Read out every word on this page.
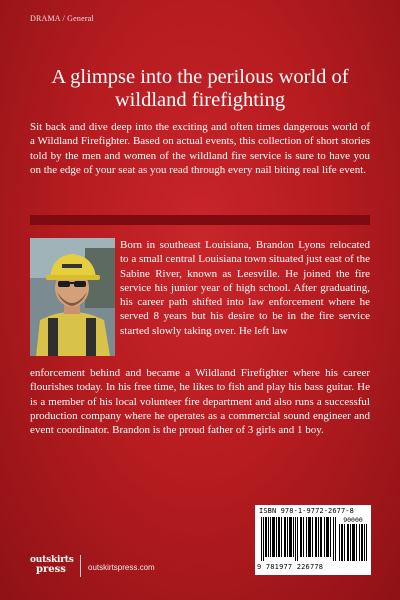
DRAMA / General
A glimpse into the perilous world of
wildland firefighting
Sit back and dive deep into the exciting and often times dangerous world of a Wildland Firefighter. Based on actual events, this collection of short stories told by the men and women of the wildland fire service is sure to have you on the edge of your seat as you read through every nail biting real life event.
Born in southeast Louisiana, Brandon Lyons relocated to a small central Louisiana town situated just east of the Sabine River, known as Leesville. He joined the fire service his junior year of high school. After graduating, his career path shifted into law enforcement where he served 8 years but his desire to be in the fire service started slowly taking over. He left law
enforcement behind and became a Wildland Firefighter where his career flourishes today. In his free time, he likes to fish and play his bass guitar. He is a member of his local volunteer fire department and also runs a successful production company where he operates as a commercial sound engineer and event coordinator. Brandon is the proud father of 3 girls and 1 boy.
ISBN 978-1-9772-2677-8
90000
9 781977 226778
outskirts
press	outskirtspress.com
